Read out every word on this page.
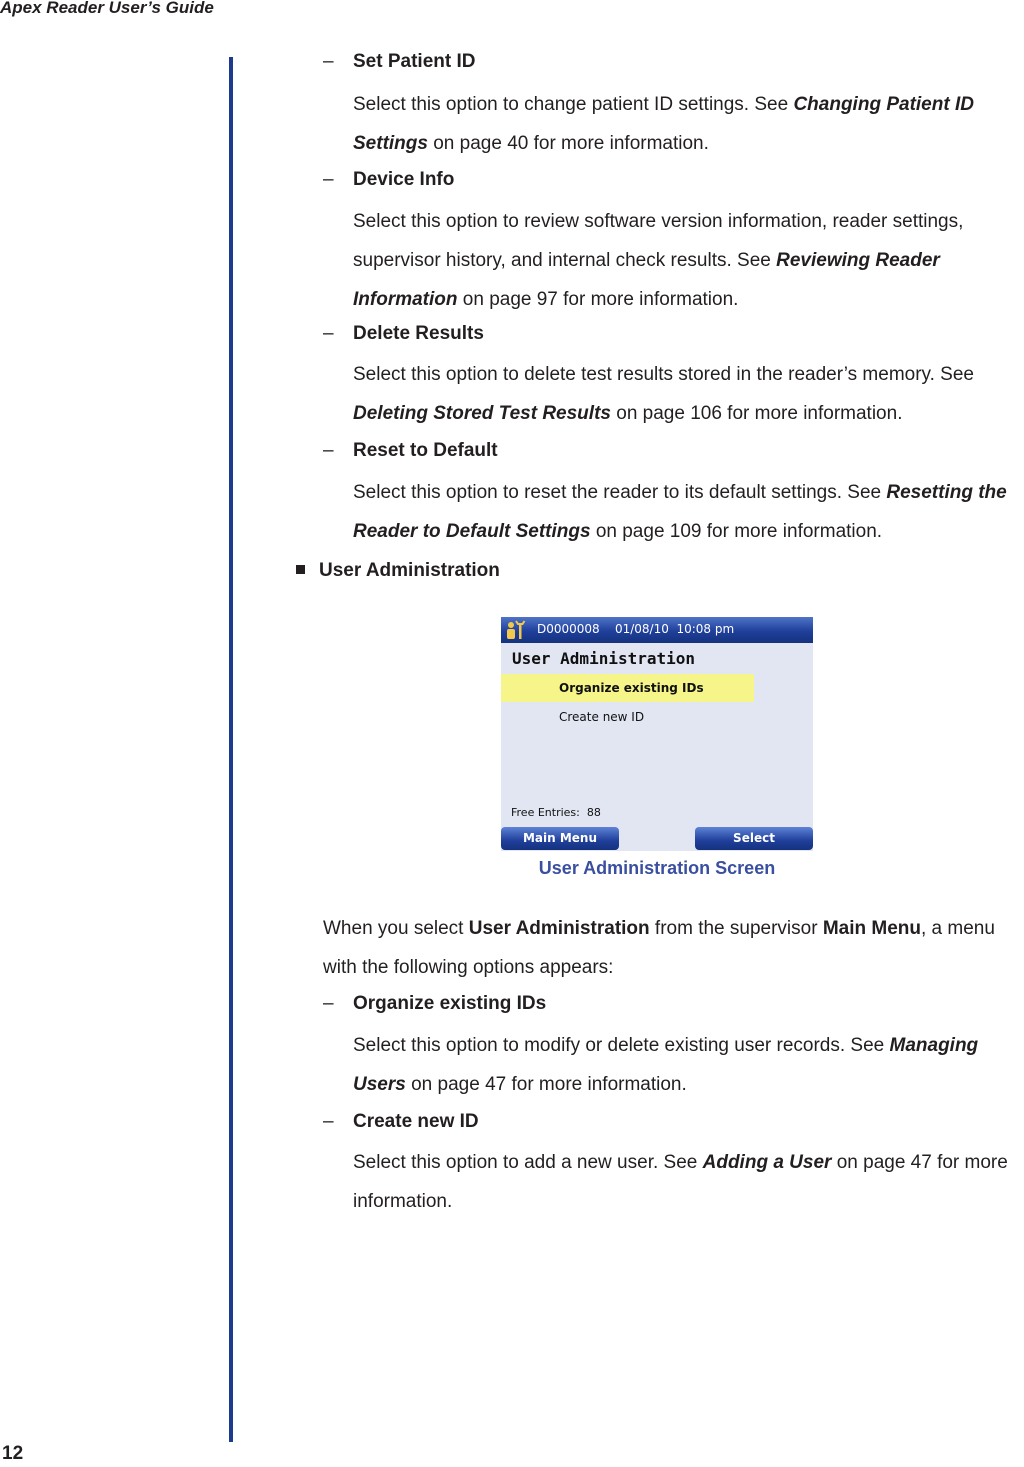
Apex Reader User’s Guide
– Set Patient ID
Select this option to change patient ID settings. See Changing Patient ID Settings on page 40 for more information.
– Device Info
Select this option to review software version information, reader settings, supervisor history, and internal check results. See Reviewing Reader Information on page 97 for more information.
– Delete Results
Select this option to delete test results stored in the reader’s memory. See Deleting Stored Test Results on page 106 for more information.
– Reset to Default
Select this option to reset the reader to its default settings. See Resetting the Reader to Default Settings on page 109 for more information.
User Administration
D0000008    01/08/10  10:08 pm
User Administration
Organize existing IDs
Create new ID
Free Entries: 88
Main Menu	Select
User Administration Screen
When you select User Administration from the supervisor Main Menu, a menu with the following options appears:
– Organize existing IDs
Select this option to modify or delete existing user records. See Managing Users on page 47 for more information.
– Create new ID
Select this option to add a new user. See Adding a User on page 47 for more information.
12
